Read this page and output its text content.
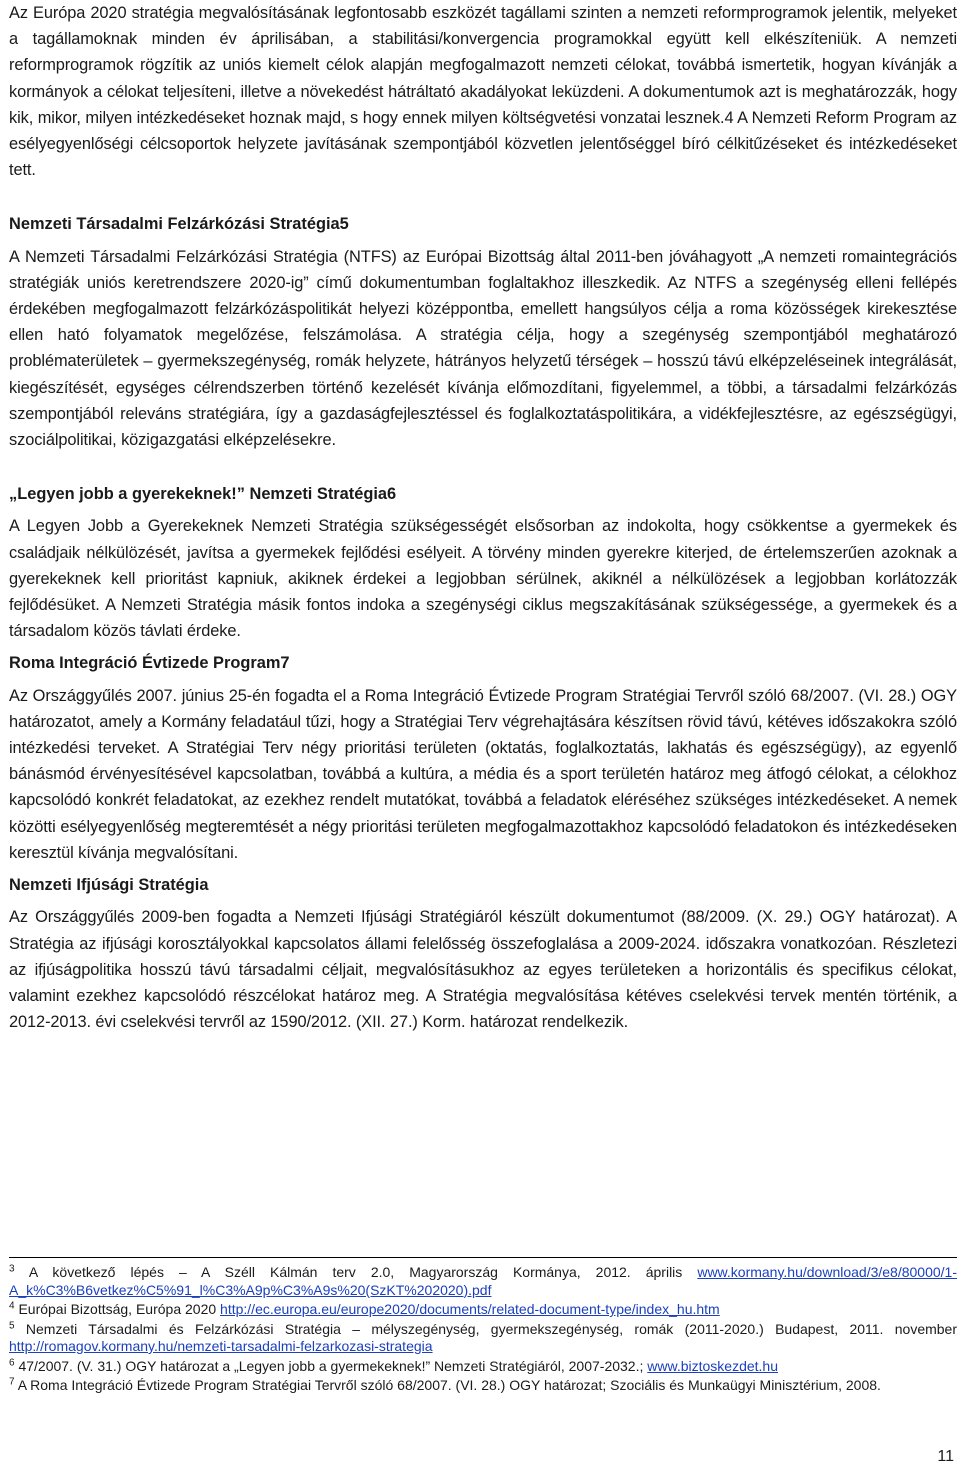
Az Európa 2020 stratégia megvalósításának legfontosabb eszközét tagállami szinten a nemzeti reformprogramok jelentik, melyeket a tagállamoknak minden év áprilisában, a stabilitási/konvergencia programokkal együtt kell elkészíteniük. A nemzeti reformprogramok rögzítik az uniós kiemelt célok alapján megfogalmazott nemzeti célokat, továbbá ismertetik, hogyan kívánják a kormányok a célokat teljesíteni, illetve a növekedést hátráltató akadályokat leküzdeni. A dokumentumok azt is meghatározzák, hogy kik, mikor, milyen intézkedéseket hoznak majd, s hogy ennek milyen költségvetési vonzatai lesznek.4 A Nemzeti Reform Program az esélyegyenlőségi célcsoportok helyzete javításának szempontjából közvetlen jelentőséggel bíró célkitűzéseket és intézkedéseket tett.

Nemzeti Társadalmi Felzárkózási Stratégia5

A Nemzeti Társadalmi Felzárkózási Stratégia (NTFS) az Európai Bizottság által 2011-ben jóváhagyott „A nemzeti romaintegrációs stratégiák uniós keretrendszere 2020-ig” című dokumentumban foglaltakhoz illeszkedik. Az NTFS a szegénység elleni fellépés érdekében megfogalmazott felzárkózáspolitikát helyezi középpontba, emellett hangsúlyos célja a roma közösségek kirekesztése ellen ható folyamatok megelőzése, felszámolása. A stratégia célja, hogy a szegénység szempontjából meghatározó problématerületek – gyermekszegénység, romák helyzete, hátrányos helyzetű térségek – hosszú távú elképzeléseinek integrálását, kiegészítését, egységes célrendszerben történő kezelését kívánja előmozdítani, figyelemmel, a többi, a társadalmi felzárkózás szempontjából releváns stratégiára, így a gazdaságfejlesztéssel és foglalkoztatáspolitikára, a vidékfejlesztésre, az egészségügyi, szociálpolitikai, közigazgatási elképzelésekre.

„Legyen jobb a gyerekeknek!” Nemzeti Stratégia6

A Legyen Jobb a Gyerekeknek Nemzeti Stratégia szükségességét elsősorban az indokolta, hogy csökkentse a gyermekek és családjaik nélkülözését, javítsa a gyermekek fejlődési esélyeit. A törvény minden gyerekre kiterjed, de értelemszerűen azoknak a gyerekeknek kell prioritást kapniuk, akiknek érdekei a legjobban sérülnek, akiknél a nélkülözések a legjobban korlátozzák fejlődésüket. A Nemzeti Stratégia másik fontos indoka a szegénységi ciklus megszakításának szükségessége, a gyermekek és a társadalom közös távlati érdeke.

Roma Integráció Évtizede Program7

Az Országgyűlés 2007. június 25-én fogadta el a Roma Integráció Évtizede Program Stratégiai Tervről szóló 68/2007. (VI. 28.) OGY határozatot, amely a Kormány feladatául tűzi, hogy a Stratégiai Terv végrehajtására készítsen rövid távú, kétéves időszakokra szóló intézkedési terveket. A Stratégiai Terv négy prioritási területen (oktatás, foglalkoztatás, lakhatás és egészségügy), az egyenlő bánásmód érvényesítésével kapcsolatban, továbbá a kultúra, a média és a sport területén határoz meg átfogó célokat, a célokhoz kapcsolódó konkrét feladatokat, az ezekhez rendelt mutatókat, továbbá a feladatok eléréséhez szükséges intézkedéseket. A nemek közötti esélyegyenlőség megteremtését a négy prioritási területen megfogalmazottakhoz kapcsolódó feladatokon és intézkedéseken keresztül kívánja megvalósítani.

Nemzeti Ifjúsági Stratégia

Az Országgyűlés 2009-ben fogadta a Nemzeti Ifjúsági Stratégiáról készült dokumentumot (88/2009. (X. 29.) OGY határozat). A Stratégia az ifjúsági korosztályokkal kapcsolatos állami felelősség összefoglalása a 2009-2024. időszakra vonatkozóan. Részletezi az ifjúságpolitika hosszú távú társadalmi céljait, megvalósításukhoz az egyes területeken a horizontális és specifikus célokat, valamint ezekhez kapcsolódó részcélokat határoz meg. A Stratégia megvalósítása kétéves cselekvési tervek mentén történik, a 2012-2013. évi cselekvési tervről az 1590/2012. (XII. 27.) Korm. határozat rendelkezik.

$^3$ A következő lépés – A Széll Kálmán terv 2.0, Magyarország Kormánya, 2012. április www.kormany.hu/download/3/e8/80000/1-A_k%C3%B6vetkez%C5%91_l%C3%A9p%C3%A9s%20(SzKT%202020).pdf

$^4$ Európai Bizottság, Európa 2020 http://ec.europa.eu/europe2020/documents/related-document-type/index_hu.htm

$^5$ Nemzeti Társadalmi és Felzárkózási Stratégia – mélyszegénység, gyermekszegénység, romák (2011-2020.) Budapest, 2011. november http://romagov.kormany.hu/nemzeti-tarsadalmi-felzarkozasi-strategia

$^6$ 47/2007. (V. 31.) OGY határozat a „Legyen jobb a gyermekeknek!” Nemzeti Stratégiáról, 2007-2032.; www.biztoskezdet.hu

$^7$ A Roma Integráció Évtizede Program Stratégiai Tervről szóló 68/2007. (VI. 28.) OGY határozat; Szociális és Munkaügyi Minisztérium, 2008.

11
